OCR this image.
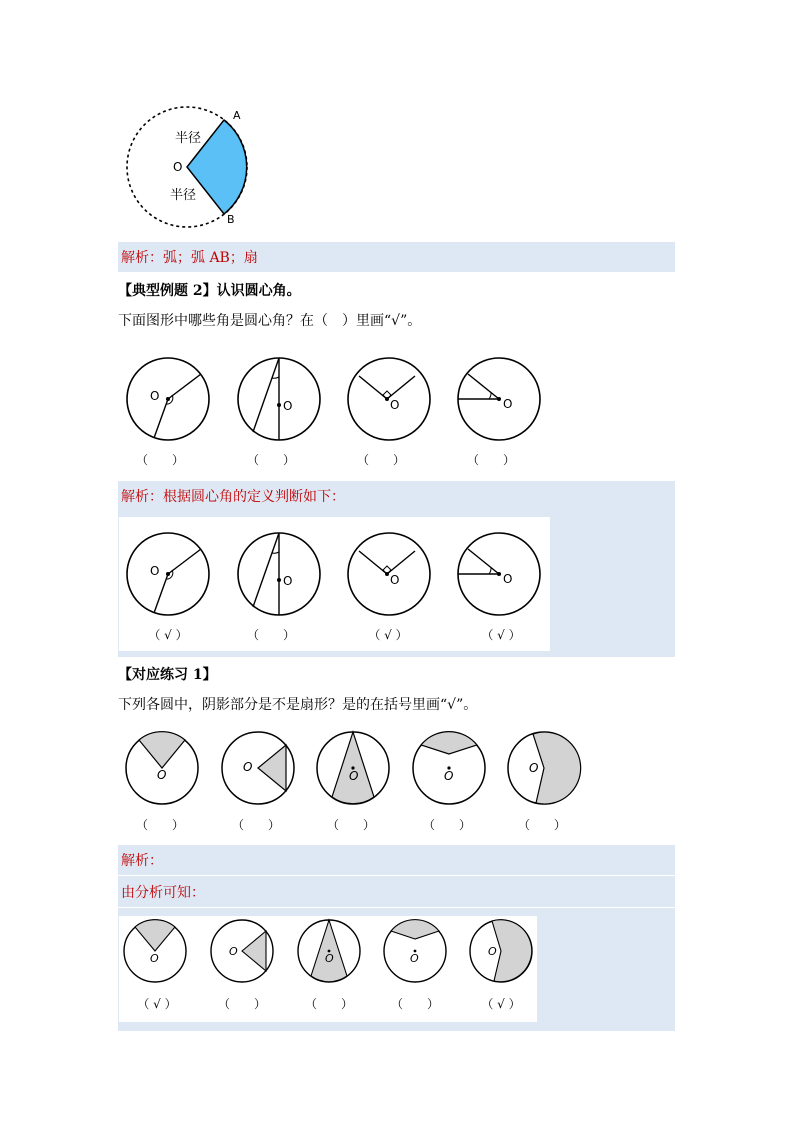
A
B
O
半径
半径
解析：弧；弧 AB；扇
【典型例题 2】认识圆心角。
下面图形中哪些角是圆心角？在（　）里画“√”。
O
O	O	O
（　　）	（　　）	（　　）	（　　）
解析：根据圆心角的定义判断如下：
O
O	O	O
（ √ ）	（　　）	（ √ ）	（ √ ）
【对应练习 1】
下列各圆中，阴影部分是不是扇形？是的在括号里画“√”。
O
O
O	O
O
（　　）	（　　）	（　　）	（　　）	（　　）
解析：
由分析可知：
O
O
O	O
O
（ √ ）	（　　）	（　　）	（　　）	（ √ ）
